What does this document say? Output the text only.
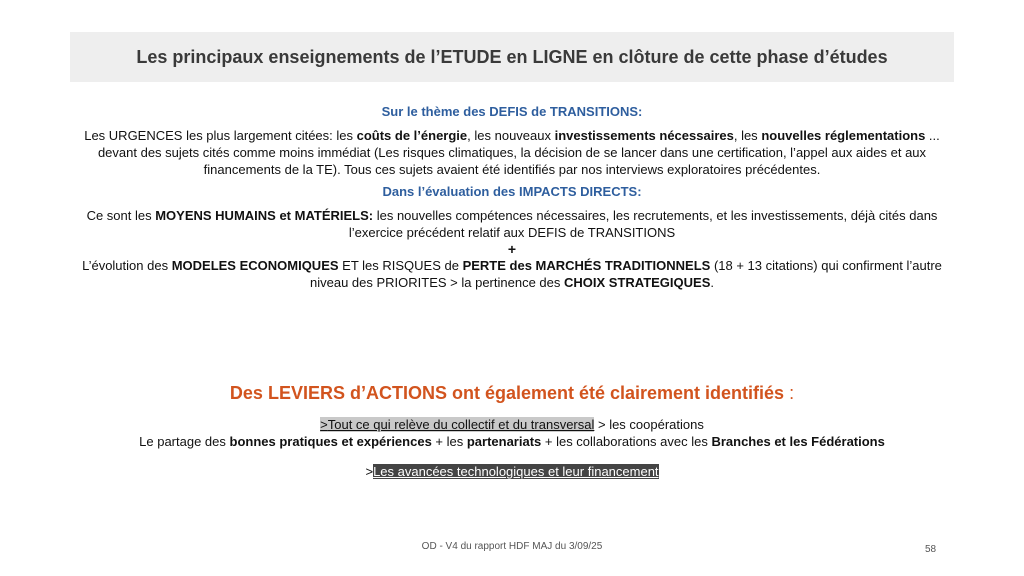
Les principaux enseignements de l’ETUDE en LIGNE en clôture de cette phase d’études
Sur le thème des DEFIS de TRANSITIONS:

Les URGENCES les plus largement citées: les coûts de l’énergie, les nouveaux investissements nécessaires, les nouvelles réglementations ... devant des sujets cités comme moins immédiat (Les risques climatiques, la décision de se lancer dans une certification, l’appel aux aides et aux financements de la TE). Tous ces sujets avaient été identifiés par nos interviews exploratoires précédentes.

Dans l’évaluation des IMPACTS DIRECTS:

Ce sont les MOYENS HUMAINS et MATÉRIELS: les nouvelles compétences nécessaires, les recrutements, et les investissements, déjà cités dans l’exercice précédent relatif aux DEFIS de TRANSITIONS

+

L’évolution des MODELES ECONOMIQUES ET les RISQUES de PERTE des MARCHÉS TRADITIONNELS (18 + 13 citations) qui confirment l’autre niveau des PRIORITES > la pertinence des CHOIX STRATEGIQUES.

Des LEVIERS d’ACTIONS ont également été clairement identifiés :

>Tout ce qui relève du collectif et du transversal > les coopérations

Le partage des bonnes pratiques et expériences + les partenariats + les collaborations avec les Branches et les Fédérations

>Les avancées technologiques et leur financement

OD - V4 du rapport HDF MAJ du 3/09/25	58
